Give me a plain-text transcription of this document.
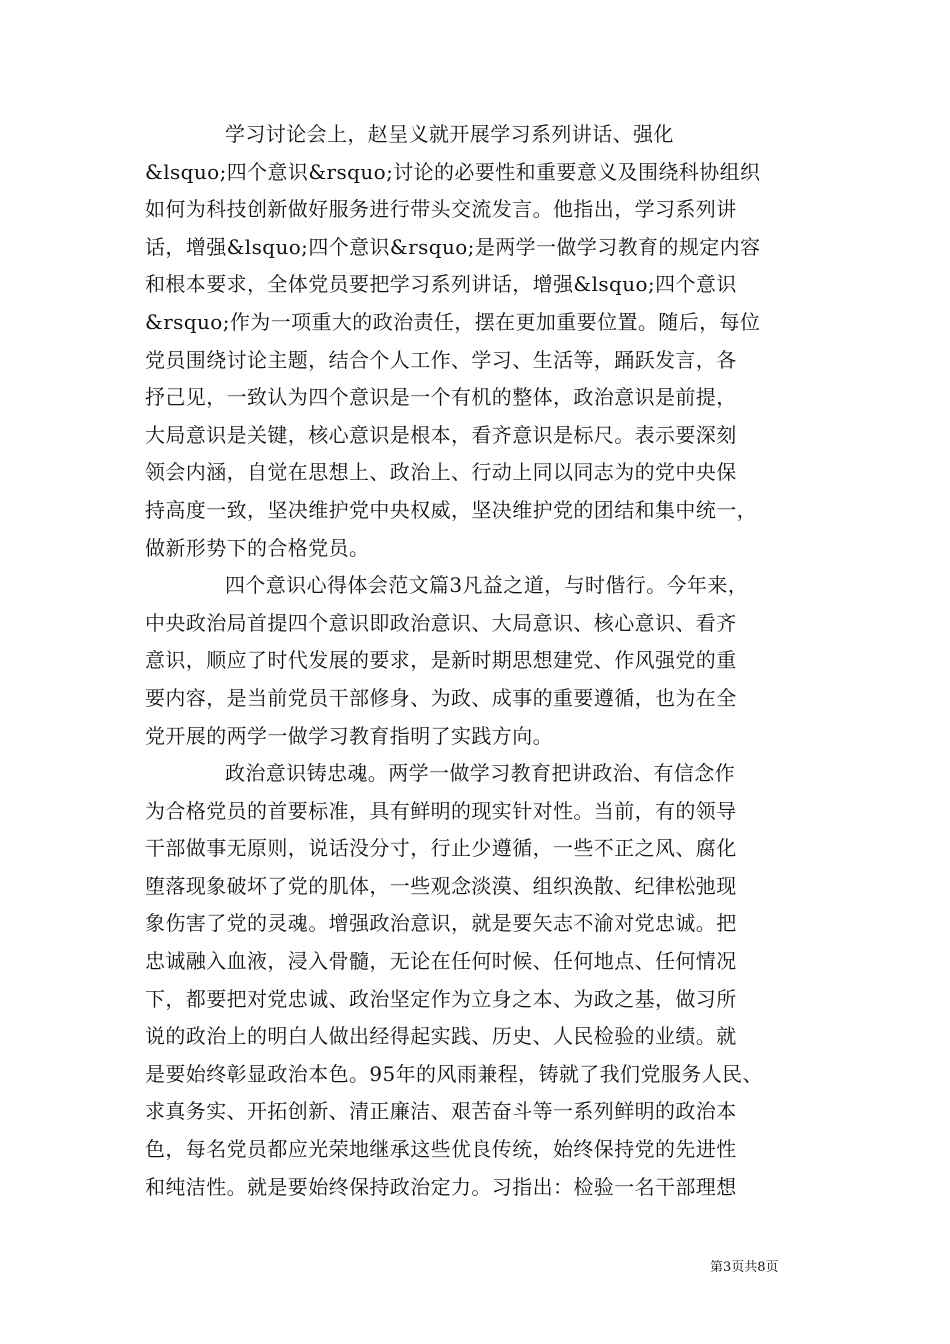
学习讨论会上，赵呈义就开展学习系列讲话、强化
&lsquo;四个意识&rsquo;讨论的必要性和重要意义及围绕科协组织
如何为科技创新做好服务进行带头交流发言。他指出，学习系列讲
话，增强&lsquo;四个意识&rsquo;是两学一做学习教育的规定内容
和根本要求，全体党员要把学习系列讲话，增强&lsquo;四个意识
&rsquo;作为一项重大的政治责任，摆在更加重要位置。随后，每位
党员围绕讨论主题，结合个人工作、学习、生活等，踊跃发言，各
抒己见，一致认为四个意识是一个有机的整体，政治意识是前提，
大局意识是关键，核心意识是根本，看齐意识是标尺。表示要深刻
领会内涵，自觉在思想上、政治上、行动上同以同志为的党中央保
持高度一致，坚决维护党中央权威，坚决维护党的团结和集中统一，
做新形势下的合格党员。
四个意识心得体会范文篇3凡益之道，与时偕行。今年来，
中央政治局首提四个意识即政治意识、大局意识、核心意识、看齐
意识，顺应了时代发展的要求，是新时期思想建党、作风强党的重
要内容，是当前党员干部修身、为政、成事的重要遵循，也为在全
党开展的两学一做学习教育指明了实践方向。
政治意识铸忠魂。两学一做学习教育把讲政治、有信念作
为合格党员的首要标准，具有鲜明的现实针对性。当前，有的领导
干部做事无原则，说话没分寸，行止少遵循，一些不正之风、腐化
堕落现象破坏了党的肌体，一些观念淡漠、组织涣散、纪律松弛现
象伤害了党的灵魂。增强政治意识，就是要矢志不渝对党忠诚。把
忠诚融入血液，浸入骨髓，无论在任何时候、任何地点、任何情况
下，都要把对党忠诚、政治坚定作为立身之本、为政之基，做习所
说的政治上的明白人做出经得起实践、历史、人民检验的业绩。就
是要始终彰显政治本色。95年的风雨兼程，铸就了我们党服务人民、
求真务实、开拓创新、清正廉洁、艰苦奋斗等一系列鲜明的政治本
色，每名党员都应光荣地继承这些优良传统，始终保持党的先进性
和纯洁性。就是要始终保持政治定力。习指出：检验一名干部理想
第3页共8页
